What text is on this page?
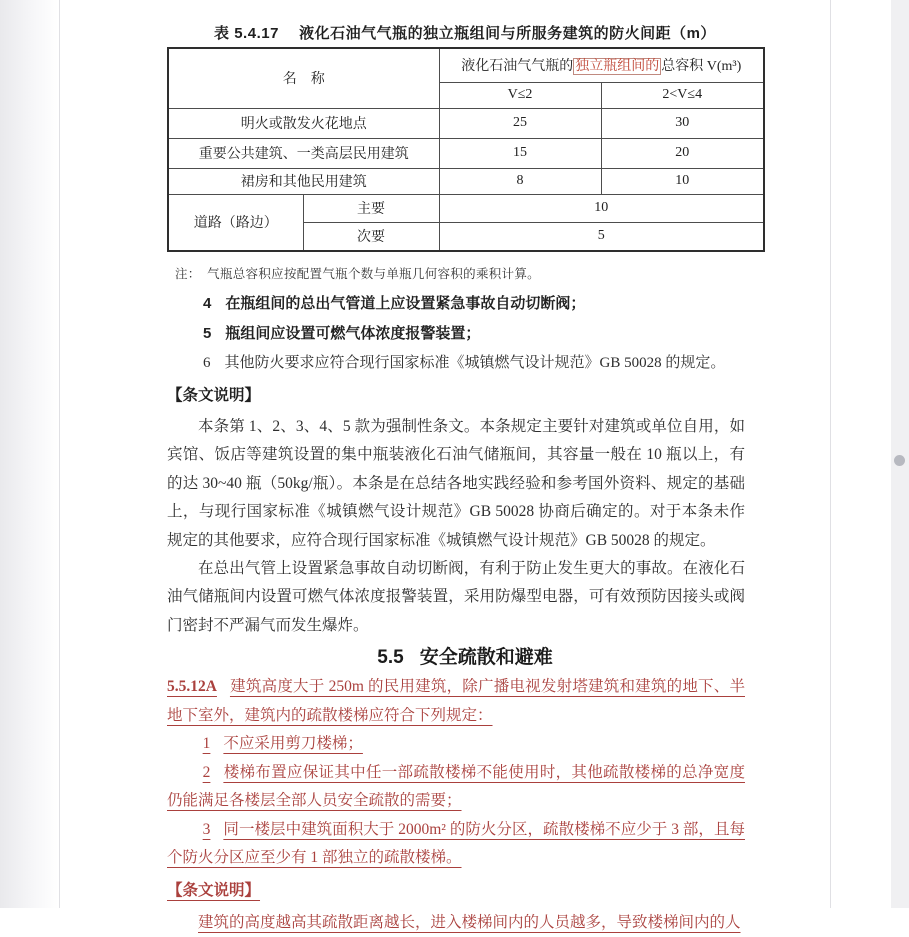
表 5.4.17　 液化石油气气瓶的独立瓶组间与所服务建筑的防火间距（m）
名　称		液化石油气气瓶的 独立瓶组间的 总容积 V(m³)	
		V≤2	2<V≤4
明火或散发火花地点		25	30
重要公共建筑、一类高层民用建筑		15	20
裙房和其他民用建筑		8	10
道路（路边）	主要	10	
	次要	5	
注：　气瓶总容积应按配置气瓶个数与单瓶几何容积的乘积计算。
4 在瓶组间的总出气管道上应设置紧急事故自动切断阀；
5 瓶组间应设置可燃气体浓度报警装置；
6 其他防火要求应符合现行国家标准《城镇燃气设计规范》GB 50028 的规定。
【条文说明】
本条第 1、2、3、4、5 款为强制性条文。本条规定主要针对建筑或单位自用，如宾馆、饭店等建筑设置的集中瓶装液化石油气储瓶间，其容量一般在 10 瓶以上，有的达 30~40 瓶（50kg/瓶）。本条是在总结各地实践经验和参考国外资料、规定的基础上，与现行国家标准《城镇燃气设计规范》GB 50028 协商后确定的。对于本条未作规定的其他要求，应符合现行国家标准《城镇燃气设计规范》GB 50028 的规定。
在总出气管上设置紧急事故自动切断阀，有利于防止发生更大的事故。在液化石油气储瓶间内设置可燃气体浓度报警装置，采用防爆型电器，可有效预防因接头或阀门密封不严漏气而发生爆炸。
5.5 安全疏散和避难
5.5.12A 建筑高度大于 250m 的民用建筑，除广播电视发射塔建筑和建筑的地下、半地下室外，建筑内的疏散楼梯应符合下列规定：
1 不应采用剪刀楼梯；
2 楼梯布置应保证其中任一部疏散楼梯不能使用时，其他疏散楼梯的总净宽度仍能满足各楼层全部人员安全疏散的需要；
3 同一楼层中建筑面积大于 2000m² 的防火分区，疏散楼梯不应少于 3 部，且每个防火分区应至少有 1 部独立的疏散楼梯。
【条文说明】
建筑的高度越高其疏散距离越长，进入楼梯间内的人员越多，导致楼梯间内的人
